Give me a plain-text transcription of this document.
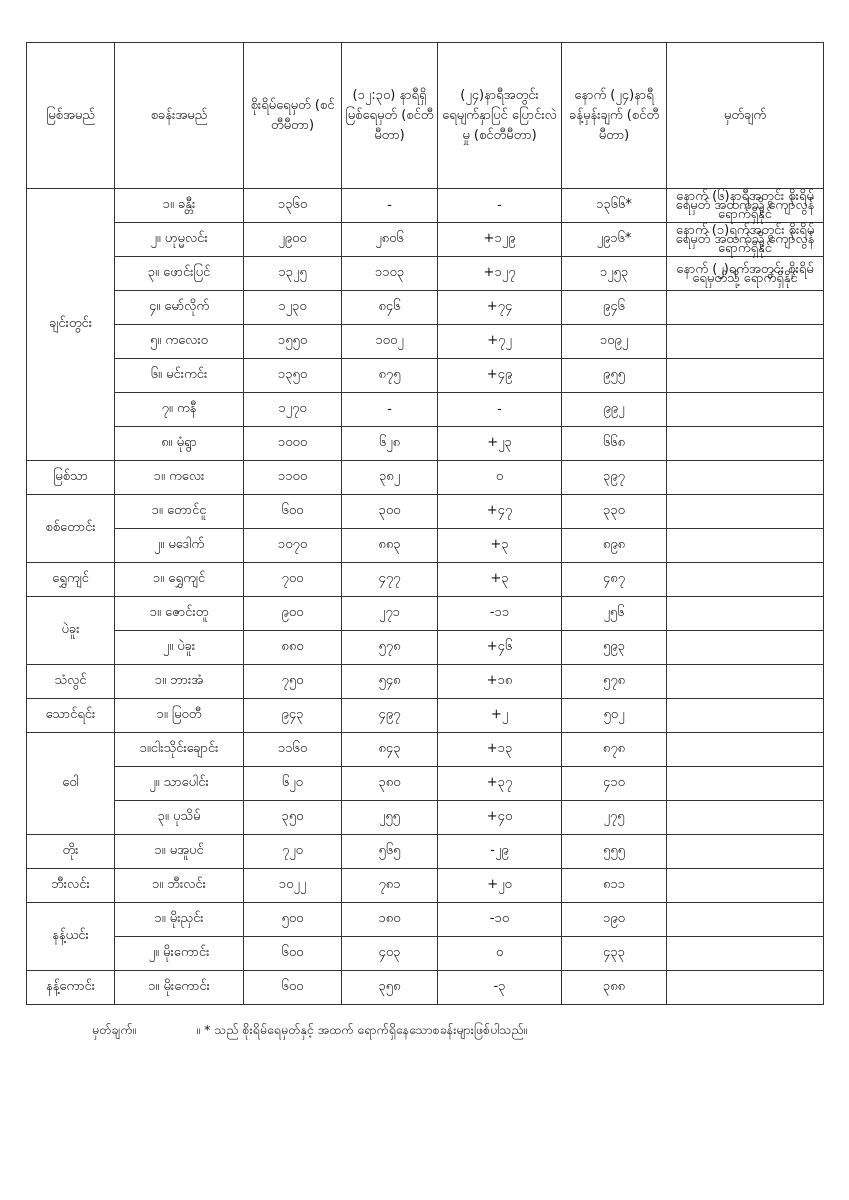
မြစ်အမည်	စခန်းအမည်	စိုးရိမ်ရေမှတ် (စင်တီမီတာ)	(၁၂:၃၀) နာရီရှိ မြစ်ရေမှတ် (စင်တီမီတာ)	(၂၄)နာရီအတွင်း ရေမျက်နှာပြင် ပြောင်းလဲမှု (စင်တီမီတာ)	နောက် (၂၄)နာရီ ခန့်မှန်းချက် (စင်တီမီတာ)	မှတ်ချက်
ချင်းတွင်း	၁။ ခန္တီး	၁၃၆၀	-	-	၁၃၆၆*	နောက် (၆)နာရီအတွင်း စိုးရိမ်ရေမှတ် အထက်သို့ ကျော်လွန်ရောက်ရှိနိုင်
	၂။ ဟုမ္မလင်း	၂၉၀၀	၂၈၀၆	+၁၂၉	၂၉၁၆*	နောက် (၁)ရက်အတွင်း စိုးရိမ်ရေမှတ် အထက်သို့ ကျော်လွန်ရောက်ရှိနိုင်
	၃။ ဖောင်းပြင်	၁၃၂၅	၁၁၀၃	+၁၂၇	၁၂၅၃	နောက် (၂)ရက်အတွင်း စိုးရိမ်ရေမှတ်သို့ ရောက်ရှိနိုင်
	၄။ မော်လိုက်	၁၂၃၀	၈၄၆	+၇၄	၉၄၆	
	၅။ ကလေးဝ	၁၅၅၀	၁၀၀၂	+၇၂	၁၀၉၂	
	၆။ မင်းကင်း	၁၃၅၀	၈၇၅	+၄၉	၉၅၅	
	၇။ ကနီ	၁၂၇၀	-	-	၉၉၂	
	၈။ မုံရွာ	၁၀၀၀	၆၂၈	+၂၃	၆၆၈	
မြစ်သာ	၁။ ကလေး	၁၁၀၀	၃၈၂	၀	၃၉၇	
စစ်တောင်း	၁။ တောင်ငူ	၆၀၀	၃၀၀	+၄၇	၃၃၀	
	၂။ မဒေါက်	၁၀၇၀	၈၈၃	+၃	၈၉၈	
ရွှေကျင်	၁။ ရွှေကျင်	၇၀၀	၄၇၇	+၃	၄၈၇	
ပဲခူး	၁။ ဇောင်းတူ	၉၀၀	၂၇၁	-၁၁	၂၅၆	
	၂။ ပဲခူး	၈၈၀	၅၇၈	+၄၆	၅၉၃	
သံလွင်	၁။ ဘားအံ	၇၅၀	၅၄၈	+၁၈	၅၇၈	
သောင်ရင်း	၁။ မြဝတီ	၉၄၃	၄၉၇	+၂	၅၀၂	
ဝေါ	၁။ငါးသိုင်းချောင်း	၁၁၆၀	၈၄၃	+၁၃	၈၇၈	
	၂။ သာပေါင်း	၆၂၀	၃၈၀	+၃၇	၄၁၀	
	၃။ ပုသိမ်	၃၅၀	၂၅၅	+၄၀	၂၇၅	
တိုး	၁။ မအူပင်	၇၂၀	၅၆၅	-၂၉	၅၅၅	
ဘီးလင်း	၁။ ဘီးလင်း	၁၀၂၂	၇၈၁	+၂၀	၈၁၁	
နန့်ယင်း	၁။ မိုးညှင်း	၅၀၀	၁၈၀	-၁၀	၁၉၀	
	၂။ မိုးကောင်း	၆၀၀	၄၀၃	၀	၄၃၃	
နန့်ကောင်း	၁။ မိုးကောင်း	၆၀၀	၃၅၈	-၃	၃၈၈	
မှတ်ချက်။	။ * သည် စိုးရိမ်ရေမှတ်နှင့် အထက် ရောက်ရှိနေသောစခန်းများဖြစ်ပါသည်။
